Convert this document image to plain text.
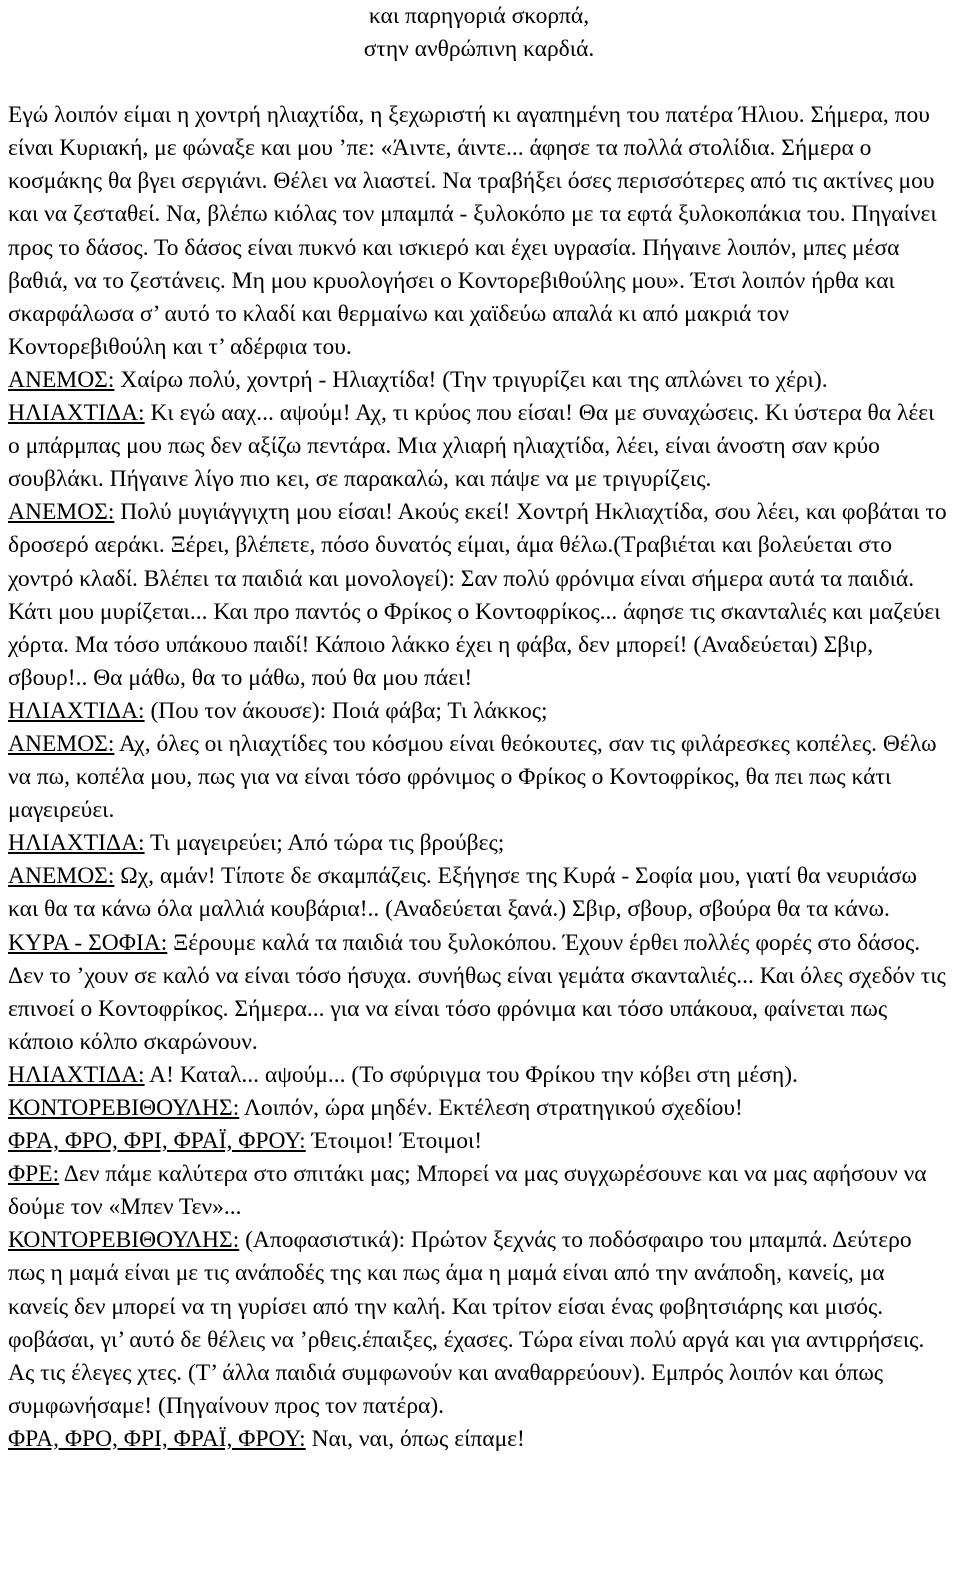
και παρηγοριά σκορπά,
στην ανθρώπινη καρδιά.

Εγώ λοιπόν είμαι η χοντρή ηλιαχτίδα, η ξεχωριστή κι αγαπημένη του πατέρα Ήλιου. Σήμερα, που είναι Κυριακή, με φώναξε και μου ’πε: «Άιντε, άιντε... άφησε τα πολλά στολίδια. Σήμερα ο κοσμάκης θα βγει σεργιάνι. Θέλει να λιαστεί. Να τραβήξει όσες περισσότερες από τις ακτίνες μου και να ζεσταθεί. Να, βλέπω κιόλας τον μπαμπά - ξυλοκόπο με τα εφτά ξυλοκοπάκια του. Πηγαίνει προς το δάσος. Το δάσος είναι πυκνό και ισκιερό και έχει υγρασία. Πήγαινε λοιπόν, μπες μέσα βαθιά, να το ζεστάνεις. Μη μου κρυολογήσει ο Κοντορεβιθούλης μου». Έτσι λοιπόν ήρθα και σκαρφάλωσα σ’ αυτό το κλαδί και θερμαίνω και χαϊδεύω απαλά κι από μακριά τον Κοντορεβιθούλη και τ’ αδέρφια του.

ΑΝΕΜΟΣ: Χαίρω πολύ, χοντρή - Ηλιαχτίδα! (Την τριγυρίζει και της απλώνει το χέρι).

ΗΛΙΑΧΤΙΔΑ: Κι εγώ ααχ... αψούμ! Αχ, τι κρύος που είσαι! Θα με συναχώσεις. Κι ύστερα θα λέει ο μπάρμπας μου πως δεν αξίζω πεντάρα. Μια χλιαρή ηλιαχτίδα, λέει, είναι άνοστη σαν κρύο σουβλάκι. Πήγαινε λίγο πιο κει, σε παρακαλώ, και πάψε να με τριγυρίζεις.

ΑΝΕΜΟΣ: Πολύ μυγιάγγιχτη μου είσαι! Ακούς εκεί! Χοντρή Ηκλιαχτίδα, σου λέει, και φοβάται το δροσερό αεράκι. Ξέρει, βλέπετε, πόσο δυνατός είμαι, άμα θέλω.(Τραβιέται και βολεύεται στο χοντρό κλαδί. Βλέπει τα παιδιά και μονολογεί): Σαν πολύ φρόνιμα είναι σήμερα αυτά τα παιδιά. Κάτι μου μυρίζεται... Και προ παντός ο Φρίκος ο Κοντοφρίκος... άφησε τις σκανταλιές και μαζεύει χόρτα. Μα τόσο υπάκουο παιδί! Κάποιο λάκκο έχει η φάβα, δεν μπορεί! (Αναδεύεται) Σβιρ, σβουρ!.. Θα μάθω, θα το μάθω, πού θα μου πάει!

ΗΛΙΑΧΤΙΔΑ: (Που τον άκουσε): Ποιά φάβα; Τι λάκκος;

ΑΝΕΜΟΣ: Αχ, όλες οι ηλιαχτίδες του κόσμου είναι θεόκουτες, σαν τις φιλάρεσκες κοπέλες. Θέλω να πω, κοπέλα μου, πως για να είναι τόσο φρόνιμος ο Φρίκος ο Κοντοφρίκος, θα πει πως κάτι μαγειρεύει.

ΗΛΙΑΧΤΙΔΑ: Τι μαγειρεύει; Από τώρα τις βρούβες;

ΑΝΕΜΟΣ: Ωχ, αμάν! Τίποτε δε σκαμπάζεις. Εξήγησε της Κυρά - Σοφία μου, γιατί θα νευριάσω και θα τα κάνω όλα μαλλιά κουβάρια!.. (Αναδεύεται ξανά.) Σβιρ, σβουρ, σβούρα θα τα κάνω.

ΚΥΡΑ - ΣΟΦΙΑ: Ξέρουμε καλά τα παιδιά του ξυλοκόπου. Έχουν έρθει πολλές φορές στο δάσος. Δεν το ’χουν σε καλό να είναι τόσο ήσυχα. συνήθως είναι γεμάτα σκανταλιές... Και όλες σχεδόν τις επινοεί ο Κοντοφρίκος. Σήμερα... για να είναι τόσο φρόνιμα και τόσο υπάκουα, φαίνεται πως κάποιο κόλπο σκαρώνουν.

ΗΛΙΑΧΤΙΔΑ: Α! Καταλ... αψούμ... (Το σφύριγμα του Φρίκου την κόβει στη μέση).

ΚΟΝΤΟΡΕΒΙΘΟΥΛΗΣ: Λοιπόν, ώρα μηδέν. Εκτέλεση στρατηγικού σχεδίου!

ΦΡΑ, ΦΡΟ, ΦΡΙ, ΦΡΑΪ, ΦΡΟΥ: Έτοιμοι! Έτοιμοι!

ΦΡΕ: Δεν πάμε καλύτερα στο σπιτάκι μας; Μπορεί να μας συγχωρέσουνε και να μας αφήσουν να δούμε τον «Μπεν Τεν»...

ΚΟΝΤΟΡΕΒΙΘΟΥΛΗΣ: (Αποφασιστικά): Πρώτον ξεχνάς το ποδόσφαιρο του μπαμπά. Δεύτερο πως η μαμά είναι με τις ανάποδές της και πως άμα η μαμά είναι από την ανάποδη, κανείς, μα κανείς δεν μπορεί να τη γυρίσει από την καλή. Και τρίτον είσαι ένας φοβητσιάρης και μισός. φοβάσαι, γι’ αυτό δε θέλεις να ’ρθεις.έπαιξες, έχασες. Τώρα είναι πολύ αργά και για αντιρρήσεις. Ας τις έλεγες χτες. (Τ’ άλλα παιδιά συμφωνούν και αναθαρρεύουν). Εμπρός λοιπόν και όπως συμφωνήσαμε! (Πηγαίνουν προς τον πατέρα).

ΦΡΑ, ΦΡΟ, ΦΡΙ, ΦΡΑΪ, ΦΡΟΥ: Ναι, ναι, όπως είπαμε!
